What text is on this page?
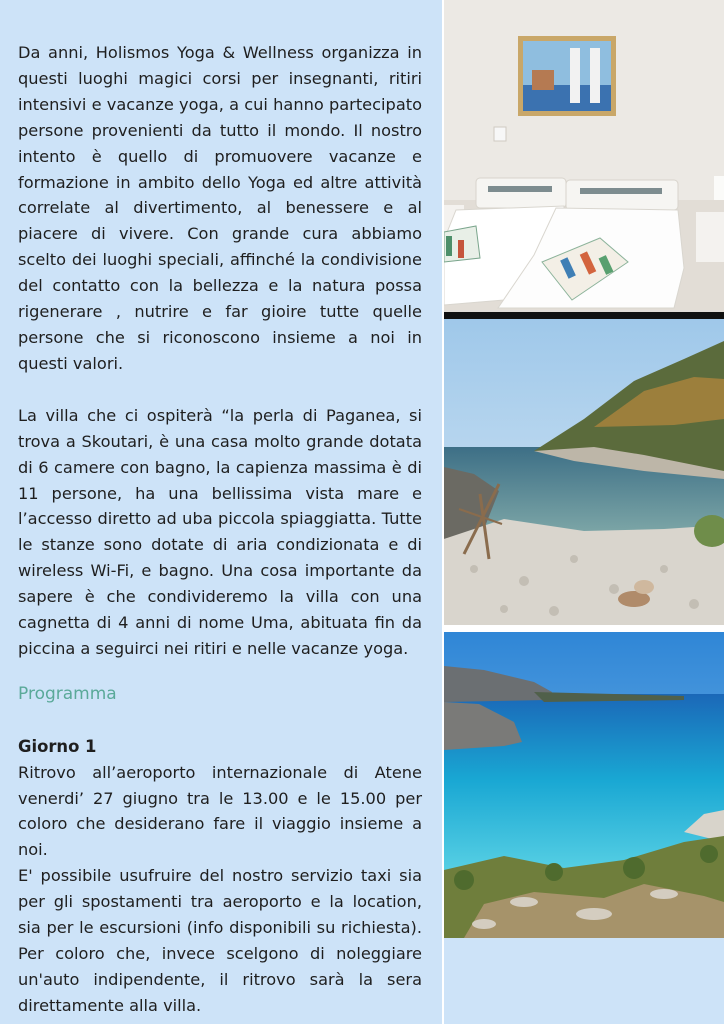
Da anni, Holismos Yoga & Wellness organizza in questi luoghi magici corsi per insegnanti, ritiri intensivi e vacanze yoga, a cui hanno partecipato persone provenienti da tutto il mondo. Il nostro intento è quello di promuovere vacanze e formazione in ambito dello Yoga ed altre attività correlate al divertimento, al benessere e al piacere di vivere. Con grande cura abbiamo scelto dei luoghi speciali, affinché la condivisione del contatto con la bellezza e la natura possa rigenerare , nutrire e far gioire tutte quelle persone che si riconoscono insieme a noi in questi valori.

La villa che ci ospiterà “la perla di Paganea, si trova a Skoutari, è una casa molto grande dotata di 6 camere con bagno, la capienza massima è di 11 persone, ha una bellissima vista mare e l’accesso diretto ad uba piccola spiaggiattа. Tutte le stanze sono dotate di aria condizionata e di wireless Wi-Fi, e bagno. Una cosa importante da sapere è che condivideremo la villa con una cagnetta di 4 anni di nome Uma, abituata fin da piccina a seguirci nei ritiri e nelle vacanze yoga.

Programma

Giorno 1

Ritrovo all’aeroporto internazionale di Atene venerdi’ 27 giugno tra le 13.00 e le 15.00 per coloro che desiderano fare il viaggio insieme a noi.

E' possibile usufruire del nostro servizio taxi sia per gli spostamenti tra aeroporto e la location, sia per le escursioni (info disponibili su richiesta). Per coloro che, invece scelgono di noleggiare un'auto indipendente, il ritrovo sarà la sera direttamente alla villa.
